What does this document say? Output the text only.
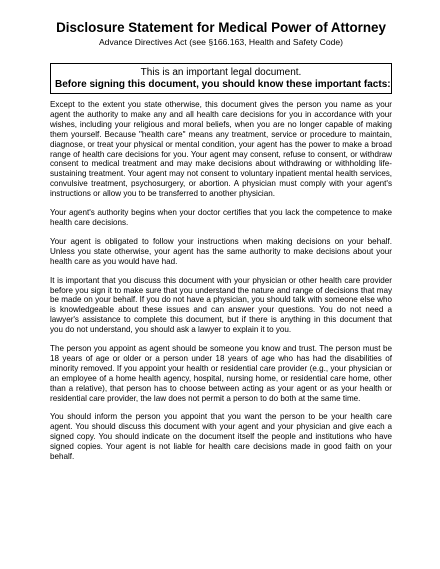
Disclosure Statement for Medical Power of Attorney

Advance Directives Act (see §166.163, Health and Safety Code)

This is an important legal document.
Before signing this document, you should know these important facts:

Except to the extent you state otherwise, this document gives the person you name as your agent the authority to make any and all health care decisions for you in accordance with your wishes, including your religious and moral beliefs, when you are no longer capable of making them yourself. Because "health care" means any treatment, service or procedure to maintain, diagnose, or treat your physical or mental condition, your agent has the power to make a broad range of health care decisions for you. Your agent may consent, refuse to consent, or withdraw consent to medical treatment and may make decisions about withdrawing or withholding life-sustaining treatment. Your agent may not consent to voluntary inpatient mental health services, convulsive treatment, psychosurgery, or abortion. A physician must comply with your agent's instructions or allow you to be transferred to another physician.

Your agent's authority begins when your doctor certifies that you lack the competence to make health care decisions.

Your agent is obligated to follow your instructions when making decisions on your behalf. Unless you state otherwise, your agent has the same authority to make decisions about your health care as you would have had.

It is important that you discuss this document with your physician or other health care provider before you sign it to make sure that you understand the nature and range of decisions that may be made on your behalf. If you do not have a physician, you should talk with someone else who is knowledgeable about these issues and can answer your questions. You do not need a lawyer's assistance to complete this document, but if there is anything in this document that you do not understand, you should ask a lawyer to explain it to you.

The person you appoint as agent should be someone you know and trust. The person must be 18 years of age or older or a person under 18 years of age who has had the disabilities of minority removed. If you appoint your health or residential care provider (e.g., your physician or an employee of a home health agency, hospital, nursing home, or residential care home, other than a relative), that person has to choose between acting as your agent or as your health or residential care provider, the law does not permit a person to do both at the same time.

You should inform the person you appoint that you want the person to be your health care agent. You should discuss this document with your agent and your physician and give each a signed copy. You should indicate on the document itself the people and institutions who have signed copies. Your agent is not liable for health care decisions made in good faith on your behalf.
